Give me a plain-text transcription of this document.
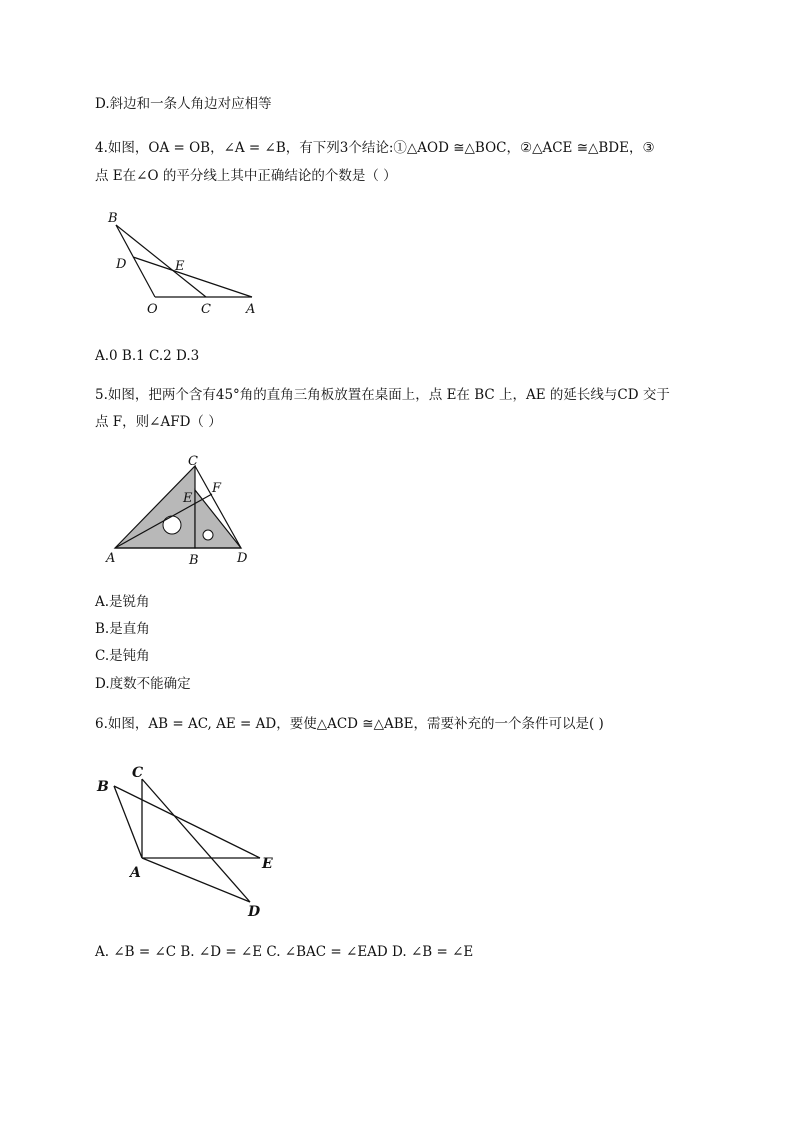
D.斜边和一条人角边对应相等
4.如图，OA = OB，∠A = ∠B，有下列3个结论:①△AOD ≅△BOC，②△ACE ≅△BDE，③
点 E在∠O 的平分线上其中正确结论的个数是（ ）
B
D	E
O	C	A
A.0 B.1 C.2 D.3
5.如图，把两个含有45°角的直角三角板放置在桌面上，点 E在 BC 上，AE 的延长线与CD 交于
点 F，则∠AFD（ ）
C
F
E
A	B	D
A.是锐角
B.是直角
C.是钝角
D.度数不能确定
6.如图，AB = AC, AE = AD，要使△ACD ≅△ABE，需要补充的一个条件可以是( )
C
B
E
A
D
A. ∠B = ∠C B. ∠D = ∠E C. ∠BAC = ∠EAD D. ∠B = ∠E
